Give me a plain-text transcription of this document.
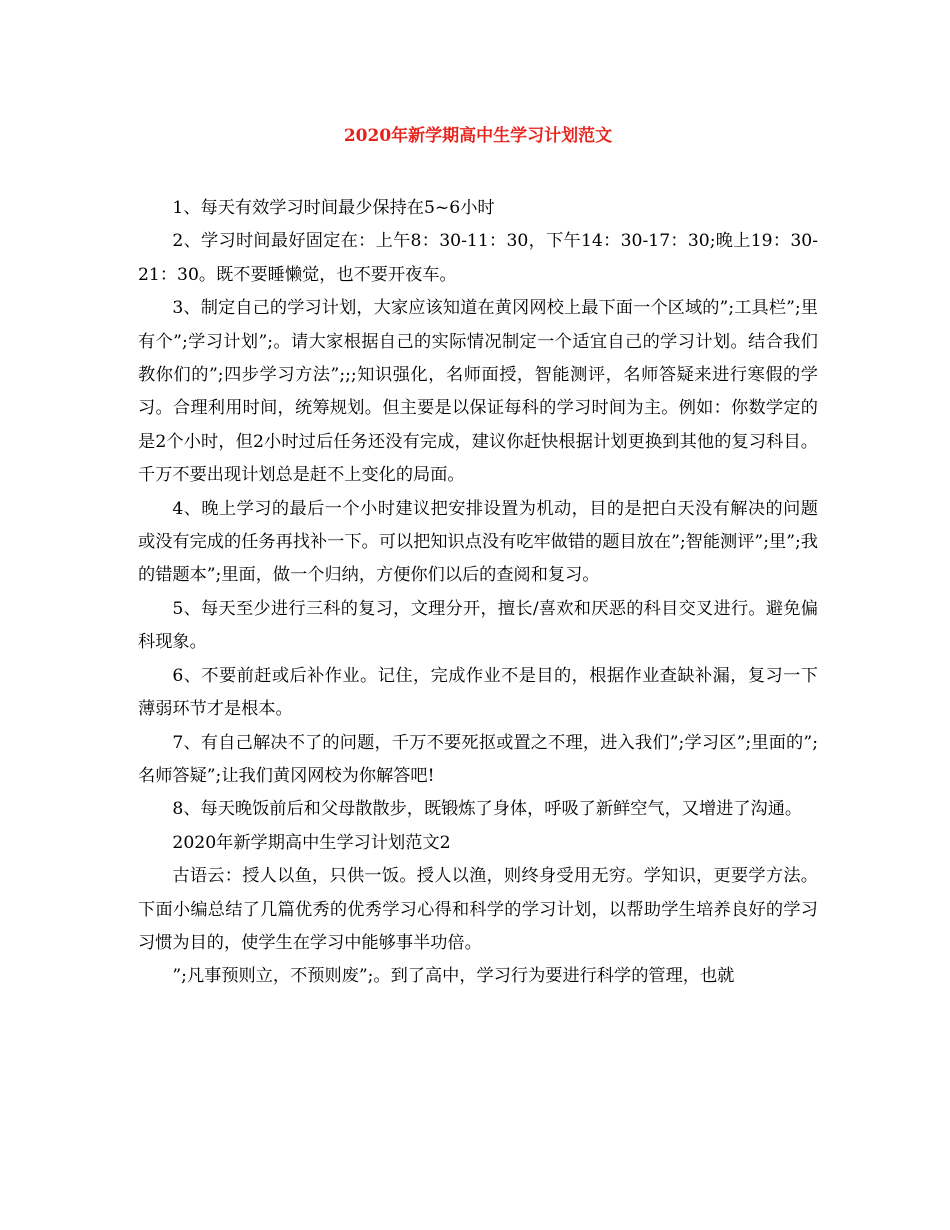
2020年新学期高中生学习计划范文

1、每天有效学习时间最少保持在5~6小时

2、学习时间最好固定在：上午8：30-11：30，下午14：30-17：30;晚上19：30-21：30。既不要睡懒觉，也不要开夜车。

3、制定自己的学习计划，大家应该知道在黄冈网校上最下面一个区域的”;工具栏”;里有个”;学习计划”;。请大家根据自己的实际情况制定一个适宜自己的学习计划。结合我们教你们的”;四步学习方法”;;;知识强化，名师面授，智能测评，名师答疑来进行寒假的学习。合理利用时间，统筹规划。但主要是以保证每科的学习时间为主。例如：你数学定的是2个小时，但2小时过后任务还没有完成，建议你赶快根据计划更换到其他的复习科目。千万不要出现计划总是赶不上变化的局面。

4、晚上学习的最后一个小时建议把安排设置为机动，目的是把白天没有解决的问题或没有完成的任务再找补一下。可以把知识点没有吃牢做错的题目放在”;智能测评”;里”;我的错题本”;里面，做一个归纳，方便你们以后的查阅和复习。

5、每天至少进行三科的复习，文理分开，擅长/喜欢和厌恶的科目交叉进行。避免偏科现象。

6、不要前赶或后补作业。记住，完成作业不是目的，根据作业查缺补漏，复习一下薄弱环节才是根本。

7、有自己解决不了的问题，千万不要死抠或置之不理，进入我们”;学习区”;里面的”;名师答疑”;让我们黄冈网校为你解答吧!

8、每天晚饭前后和父母散散步，既锻炼了身体，呼吸了新鲜空气，又增进了沟通。

2020年新学期高中生学习计划范文2

古语云：授人以鱼，只供一饭。授人以渔，则终身受用无穷。学知识，更要学方法。下面小编总结了几篇优秀的优秀学习心得和科学的学习计划，以帮助学生培养良好的学习习惯为目的，使学生在学习中能够事半功倍。

”;凡事预则立，不预则废”;。到了高中，学习行为要进行科学的管理，也就
